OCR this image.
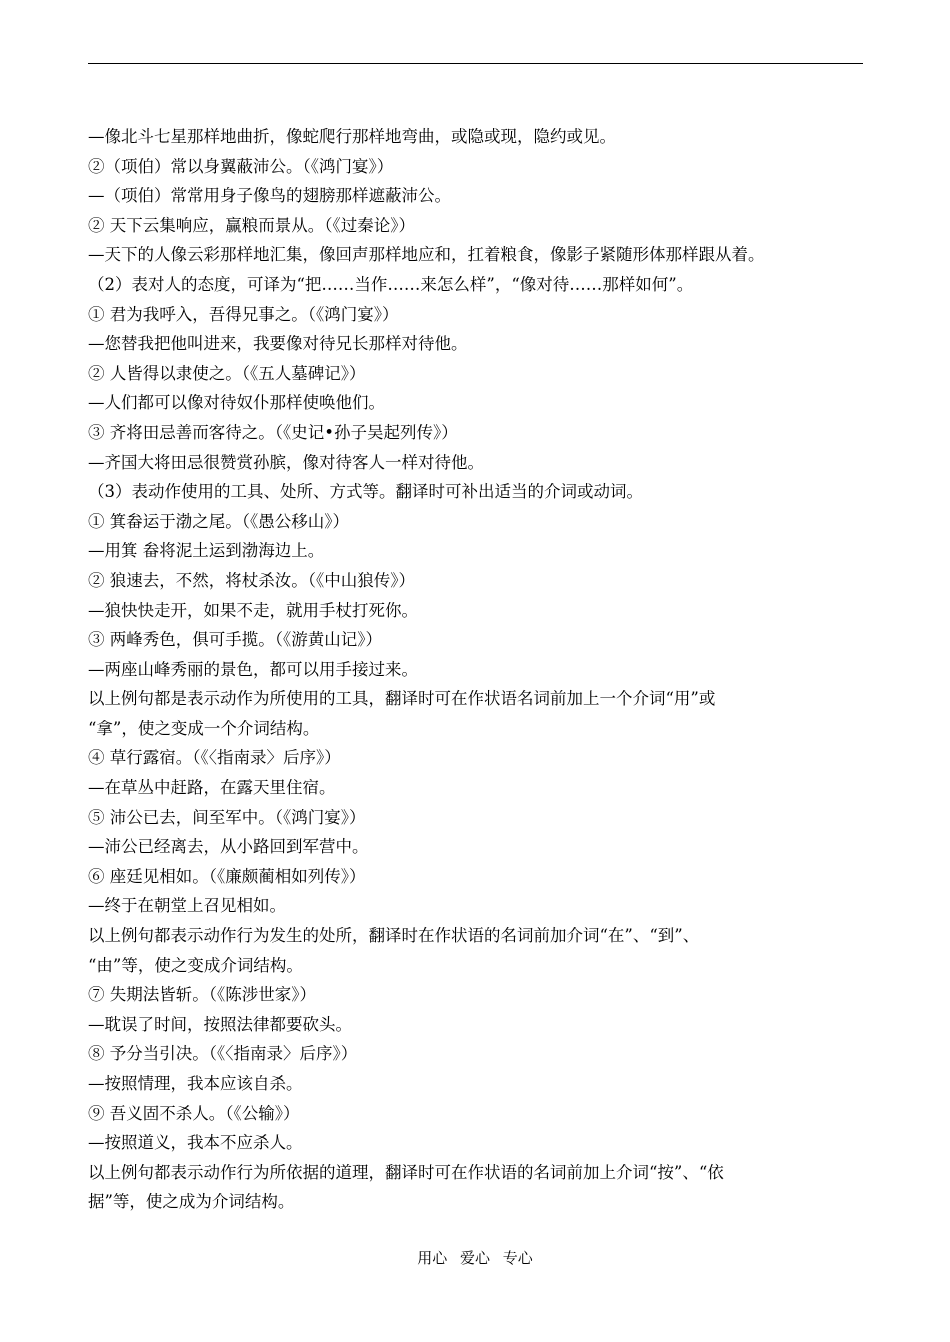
—像北斗七星那样地曲折，像蛇爬行那样地弯曲，或隐或现，隐约或见。

②（项伯）常以身翼蔽沛公。（《鸿门宴》）

—（项伯）常常用身子像鸟的翅膀那样遮蔽沛公。

② 天下云集响应，赢粮而景从。（《过秦论》）

—天下的人像云彩那样地汇集，像回声那样地应和，扛着粮食，像影子紧随形体那样跟从着。

（2）表对人的态度，可译为“把……当作……来怎么样”，“像对待……那样如何”。

① 君为我呼入，吾得兄事之。（《鸿门宴》）

—您替我把他叫进来，我要像对待兄长那样对待他。

② 人皆得以隶使之。（《五人墓碑记》）

—人们都可以像对待奴仆那样使唤他们。

③ 齐将田忌善而客待之。（《史记•孙子吴起列传》）

—齐国大将田忌很赞赏孙膑，像对待客人一样对待他。

（3）表动作使用的工具、处所、方式等。翻译时可补出适当的介词或动词。

① 箕畚运于渤之尾。（《愚公移山》）

—用箕 畚将泥土运到渤海边上。

② 狼速去，不然，将杖杀汝。（《中山狼传》）

—狼快快走开，如果不走，就用手杖打死你。

③ 两峰秀色，俱可手揽。（《游黄山记》）

—两座山峰秀丽的景色，都可以用手接过来。

以上例句都是表示动作为所使用的工具，翻译时可在作状语名词前加上一个介词“用”或

“拿”，使之变成一个介词结构。

④ 草行露宿。（《〈指南录〉后序》）

—在草丛中赶路，在露天里住宿。

⑤ 沛公已去，间至军中。（《鸿门宴》）

—沛公已经离去，从小路回到军营中。

⑥ 座廷见相如。（《廉颇蔺相如列传》）

—终于在朝堂上召见相如。

以上例句都表示动作行为发生的处所，翻译时在作状语的名词前加介词“在”、“到”、

“由”等，使之变成介词结构。

⑦ 失期法皆斩。（《陈涉世家》）

—耽误了时间，按照法律都要砍头。

⑧ 予分当引决。（《〈指南录〉后序》）

—按照情理，我本应该自杀。

⑨ 吾义固不杀人。（《公输》）

—按照道义，我本不应杀人。

以上例句都表示动作行为所依据的道理，翻译时可在作状语的名词前加上介词“按”、“依

据”等，使之成为介词结构。

用心 爱心 专心
